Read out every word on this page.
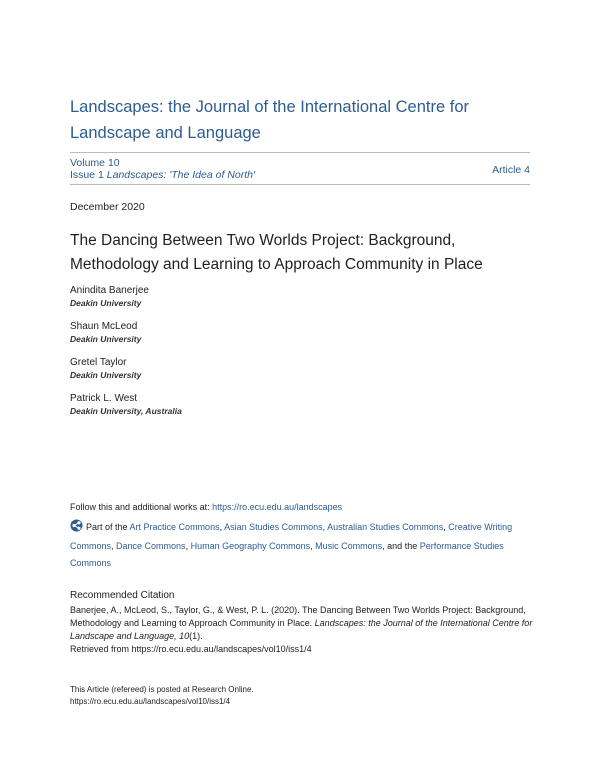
Landscapes: the Journal of the International Centre for Landscape and Language
Volume 10
Issue 1 Landscapes: 'The Idea of North'	Article 4
December 2020
The Dancing Between Two Worlds Project: Background, Methodology and Learning to Approach Community in Place
Anindita Banerjee
Deakin University
Shaun McLeod
Deakin University
Gretel Taylor
Deakin University
Patrick L. West
Deakin University, Australia
Follow this and additional works at: https://ro.ecu.edu.au/landscapes
Part of the Art Practice Commons, Asian Studies Commons, Australian Studies Commons, Creative Writing Commons, Dance Commons, Human Geography Commons, Music Commons, and the Performance Studies Commons
Recommended Citation
Banerjee, A., McLeod, S., Taylor, G., & West, P. L. (2020). The Dancing Between Two Worlds Project: Background, Methodology and Learning to Approach Community in Place. Landscapes: the Journal of the International Centre for Landscape and Language, 10(1).
Retrieved from https://ro.ecu.edu.au/landscapes/vol10/iss1/4
This Article (refereed) is posted at Research Online.
https://ro.ecu.edu.au/landscapes/vol10/iss1/4
